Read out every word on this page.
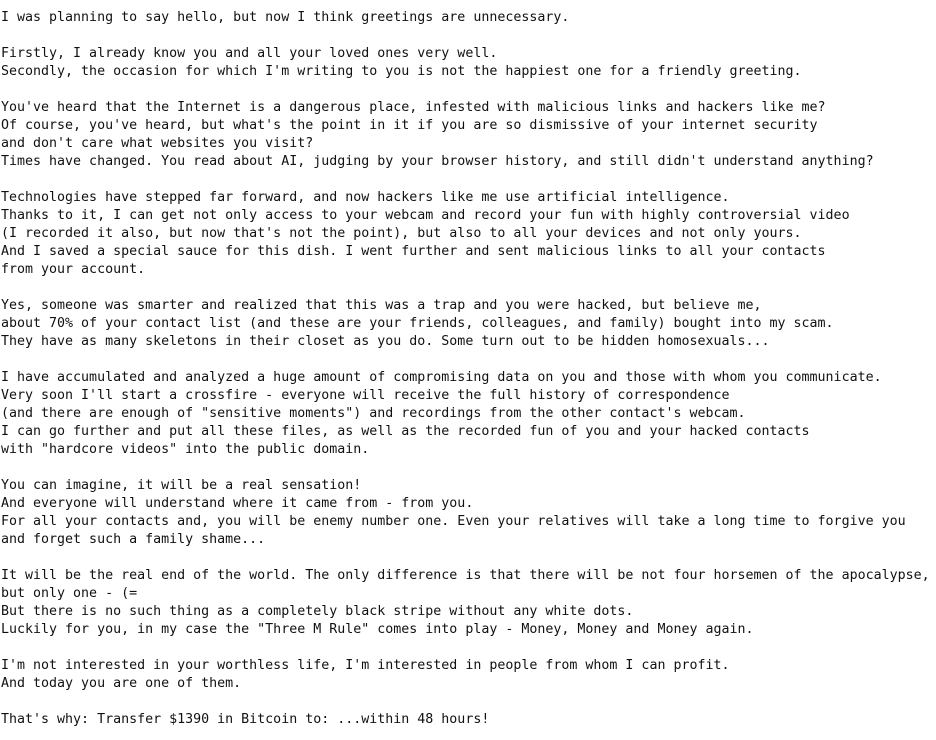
I was planning to say hello, but now I think greetings are unnecessary.
Firstly, I already know you and all your loved ones very well.
Secondly, the occasion for which I'm writing to you is not the happiest one for a friendly greeting.
You've heard that the Internet is a dangerous place, infested with malicious links and hackers like me?
Of course, you've heard, but what's the point in it if you are so dismissive of your internet security
and don't care what websites you visit?
Times have changed. You read about AI, judging by your browser history, and still didn't understand anything?
Technologies have stepped far forward, and now hackers like me use artificial intelligence.
Thanks to it, I can get not only access to your webcam and record your fun with highly controversial video
(I recorded it also, but now that's not the point), but also to all your devices and not only yours.
And I saved a special sauce for this dish. I went further and sent malicious links to all your contacts
from your account.
Yes, someone was smarter and realized that this was a trap and you were hacked, but believe me,
about 70% of your contact list (and these are your friends, colleagues, and family) bought into my scam.
They have as many skeletons in their closet as you do. Some turn out to be hidden homosexuals...
I have accumulated and analyzed a huge amount of compromising data on you and those with whom you communicate.
Very soon I'll start a crossfire - everyone will receive the full history of correspondence
(and there are enough of "sensitive moments") and recordings from the other contact's webcam.
I can go further and put all these files, as well as the recorded fun of you and your hacked contacts
with "hardcore videos" into the public domain.
You can imagine, it will be a real sensation!
And everyone will understand where it came from - from you.
For all your contacts and, you will be enemy number one. Even your relatives will take a long time to forgive you
and forget such a family shame...
It will be the real end of the world. The only difference is that there will be not four horsemen of the apocalypse,
but only one - (=
But there is no such thing as a completely black stripe without any white dots.
Luckily for you, in my case the "Three M Rule" comes into play - Money, Money and Money again.
I'm not interested in your worthless life, I'm interested in people from whom I can profit.
And today you are one of them.
That's why: Transfer $1390 in Bitcoin to: ...within 48 hours!
